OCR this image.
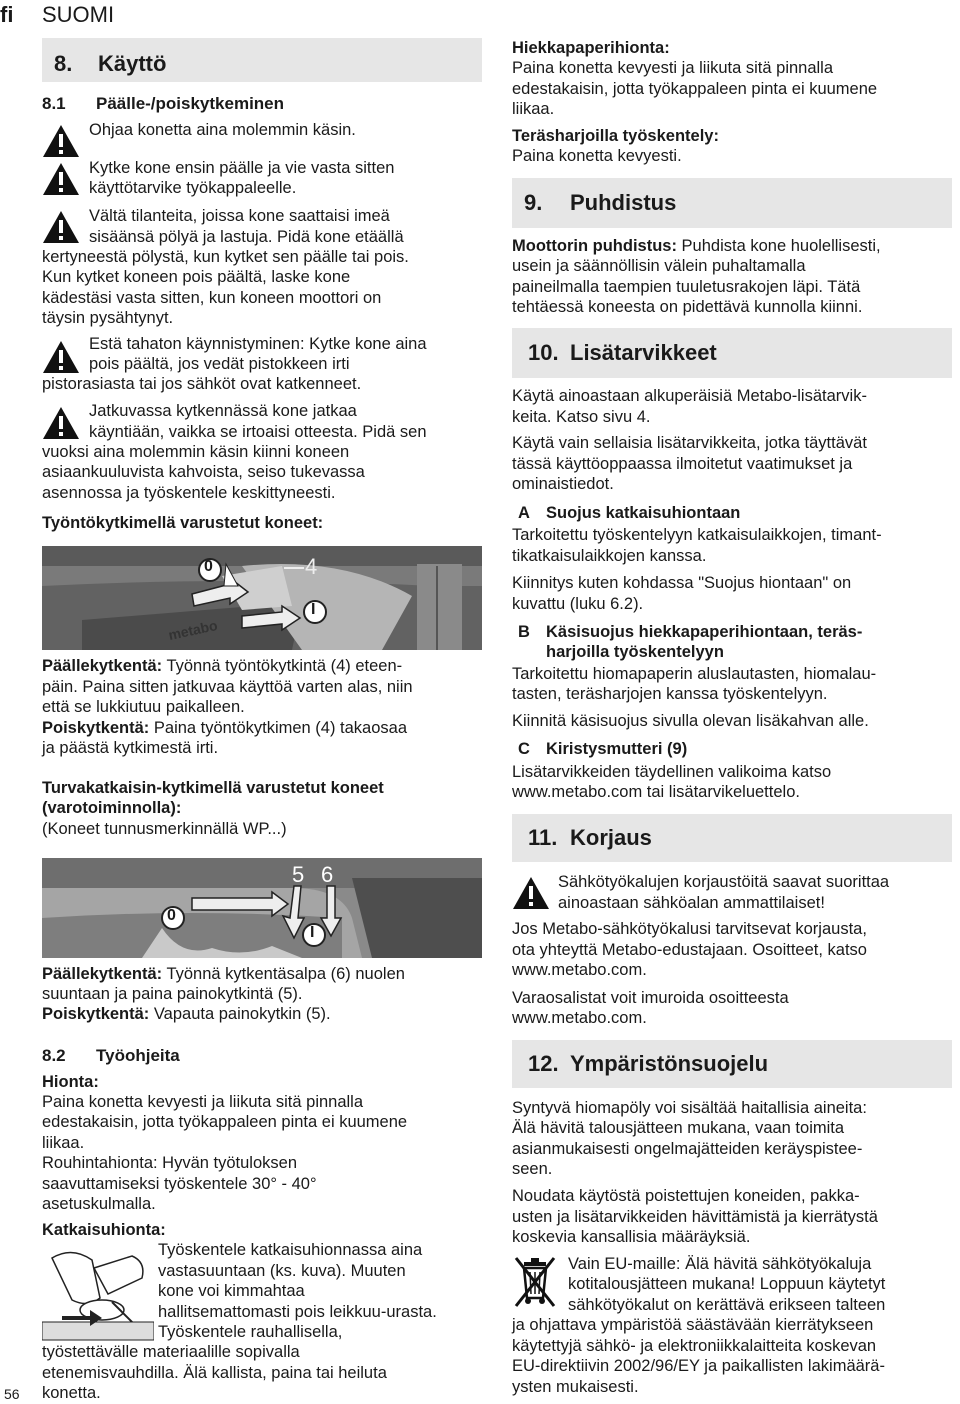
fi SUOMI
8. Käyttö
8.1 Päälle-/poiskytkeminen
Ohjaa konetta aina molemmin käsin.
Kytke kone ensin päälle ja vie vasta sitten
käyttötarvike työkappaleelle.
Vältä tilanteita, joissa kone saattaisi imeä
sisäänsä pölyä ja lastuja. Pidä kone etäällä
kertyneestä pölystä, kun kytket sen päälle tai pois.
Kun kytket koneen pois päältä, laske kone
kädestäsi vasta sitten, kun koneen moottori on
täysin pysähtynyt.
Estä tahaton käynnistyminen: Kytke kone aina
pois päältä, jos vedät pistokkeen irti
pistorasiasta tai jos sähköt ovat katkenneet.
Jatkuvassa kytkennässä kone jatkaa
käyntiään, vaikka se irtoaisi otteesta. Pidä sen
vuoksi aina molemmin käsin kiinni koneen
asiaankuuluvista kahvoista, seiso tukevassa
asennossa ja työskentele keskittyneesti.
Työntökytkimellä varustetut koneet:
0	4
I
metabo
Päällekytkentä: Työnnä työntökytkintä (4) eteen-
päin. Paina sitten jatkuvaa käyttöä varten alas, niin
että se lukkiutuu paikalleen.
Poiskytkentä: Paina työntökytkimen (4) takaosaa
ja päästä kytkimestä irti.
Turvakatkaisin-kytkimellä varustetut koneet
(varotoiminnolla):
(Koneet tunnusmerkinnällä WP...)
5 6
0
I
Päällekytkentä: Työnnä kytkentäsalpa (6) nuolen
suuntaan ja paina painokytkintä (5).
Poiskytkentä: Vapauta painokytkin (5).
8.2 Työohjeita
Hionta:
Paina konetta kevyesti ja liikuta sitä pinnalla
edestakaisin, jotta työkappaleen pinta ei kuumene
liikaa.
Rouhintahionta: Hyvän työtuloksen
saavuttamiseksi työskentele 30° - 40°
asetuskulmalla.
Katkaisuhionta:
Työskentele katkaisuhionnassa aina
vastasuuntaan (ks. kuva). Muuten
kone voi kimmahtaa
hallitsemattomasti pois leikkuu-urasta.
Työskentele rauhallisella,
työstettävälle materiaalille sopivalla
etenemisvauhdilla. Älä kallista, paina tai heiluta
konetta.
56
Hiekkapaperihionta:
Paina konetta kevyesti ja liikuta sitä pinnalla
edestakaisin, jotta työkappaleen pinta ei kuumene
liikaa.
Teräsharjoilla työskentely:
Paina konetta kevyesti.
9. Puhdistus
Moottorin puhdistus: Puhdista kone huolellisesti,
usein ja säännöllisin välein puhaltamalla
paineilmalla taempien tuuletusrakojen läpi. Tätä
tehtäessä koneesta on pidettävä kunnolla kiinni.
10. Lisätarvikkeet
Käytä ainoastaan alkuperäisiä Metabo-lisätarvik-
keita. Katso sivu 4.
Käytä vain sellaisia lisätarvikkeita, jotka täyttävät
tässä käyttöoppaassa ilmoitetut vaatimukset ja
ominaistiedot.
A Suojus katkaisuhiontaan
Tarkoitettu työskentelyyn katkaisulaikkojen, timant-
tikatkaisulaikkojen kanssa.
Kiinnitys kuten kohdassa "Suojus hiontaan" on
kuvattu (luku 6.2).
B Käsisuojus hiekkapaperihiontaan, teräs-
harjoilla työskentelyyn
Tarkoitettu hiomapaperin aluslautasten, hiomalau-
tasten, teräsharjojen kanssa työskentelyyn.
Kiinnitä käsisuojus sivulla olevan lisäkahvan alle.
C Kiristysmutteri (9)
Lisätarvikkeiden täydellinen valikoima katso
www.metabo.com tai lisätarvikeluettelo.
11. Korjaus
Sähkötyökalujen korjaustöitä saavat suorittaa
ainoastaan sähköalan ammattilaiset!
Jos Metabo-sähkötyökalusi tarvitsevat korjausta,
ota yhteyttä Metabo-edustajaan. Osoitteet, katso
www.metabo.com.
Varaosalistat voit imuroida osoitteesta
www.metabo.com.
12. Ympäristönsuojelu
Syntyvä hiomapöly voi sisältää haitallisia aineita:
Älä hävitä talousjätteen mukana, vaan toimita
asianmukaisesti ongelmajätteiden keräyspistee-
seen.
Noudata käytöstä poistettujen koneiden, pakka-
usten ja lisätarvikkeiden hävittämistä ja kierrätystä
koskevia kansallisia määräyksiä.
Vain EU-maille: Älä hävitä sähkötyökaluja
kotitalousjätteen mukana! Loppuun käytetyt
sähkötyökalut on kerättävä erikseen talteen
ja ohjattava ympäristöä säästävään kierrätykseen
käytettyjä sähkö- ja elektroniikkalaitteita koskevan
EU-direktiivin 2002/96/EY ja paikallisten lakimäärä-
ysten mukaisesti.
